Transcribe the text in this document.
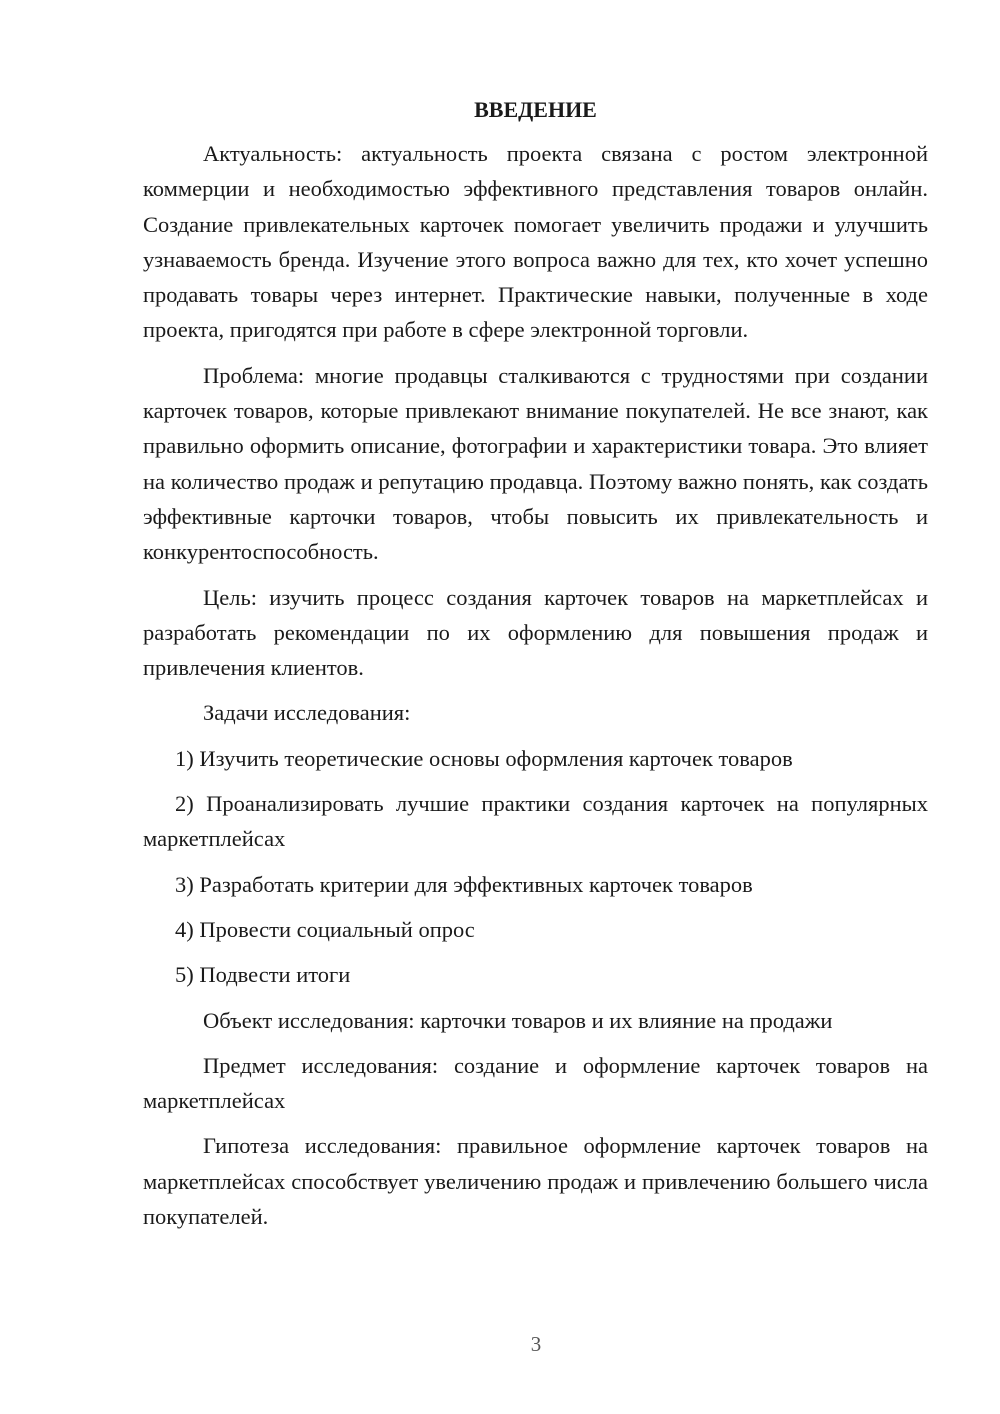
ВВЕДЕНИЕ

Актуальность: актуальность проекта связана с ростом электронной коммерции и необходимостью эффективного представления товаров онлайн. Создание привлекательных карточек помогает увеличить продажи и улучшить узнаваемость бренда. Изучение этого вопроса важно для тех, кто хочет успешно продавать товары через интернет. Практические навыки, полученные в ходе проекта, пригодятся при работе в сфере электронной торговли.

Проблема: многие продавцы сталкиваются с трудностями при создании карточек товаров, которые привлекают внимание покупателей. Не все знают, как правильно оформить описание, фотографии и характеристики товара. Это влияет на количество продаж и репутацию продавца. Поэтому важно понять, как создать эффективные карточки товаров, чтобы повысить их привлекательность и конкурентоспособность.

Цель: изучить процесс создания карточек товаров на маркетплейсах и разработать рекомендации по их оформлению для повышения продаж и привлечения клиентов.

Задачи исследования:

1) Изучить теоретические основы оформления карточек товаров

2) Проанализировать лучшие практики создания карточек на популярных маркетплейсах

3) Разработать критерии для эффективных карточек товаров

4) Провести социальный опрос

5) Подвести итоги

Объект исследования: карточки товаров и их влияние на продажи

Предмет исследования: создание и оформление карточек товаров на маркетплейсах

Гипотеза исследования: правильное оформление карточек товаров на маркетплейсах способствует увеличению продаж и привлечению большего числа покупателей.

3
